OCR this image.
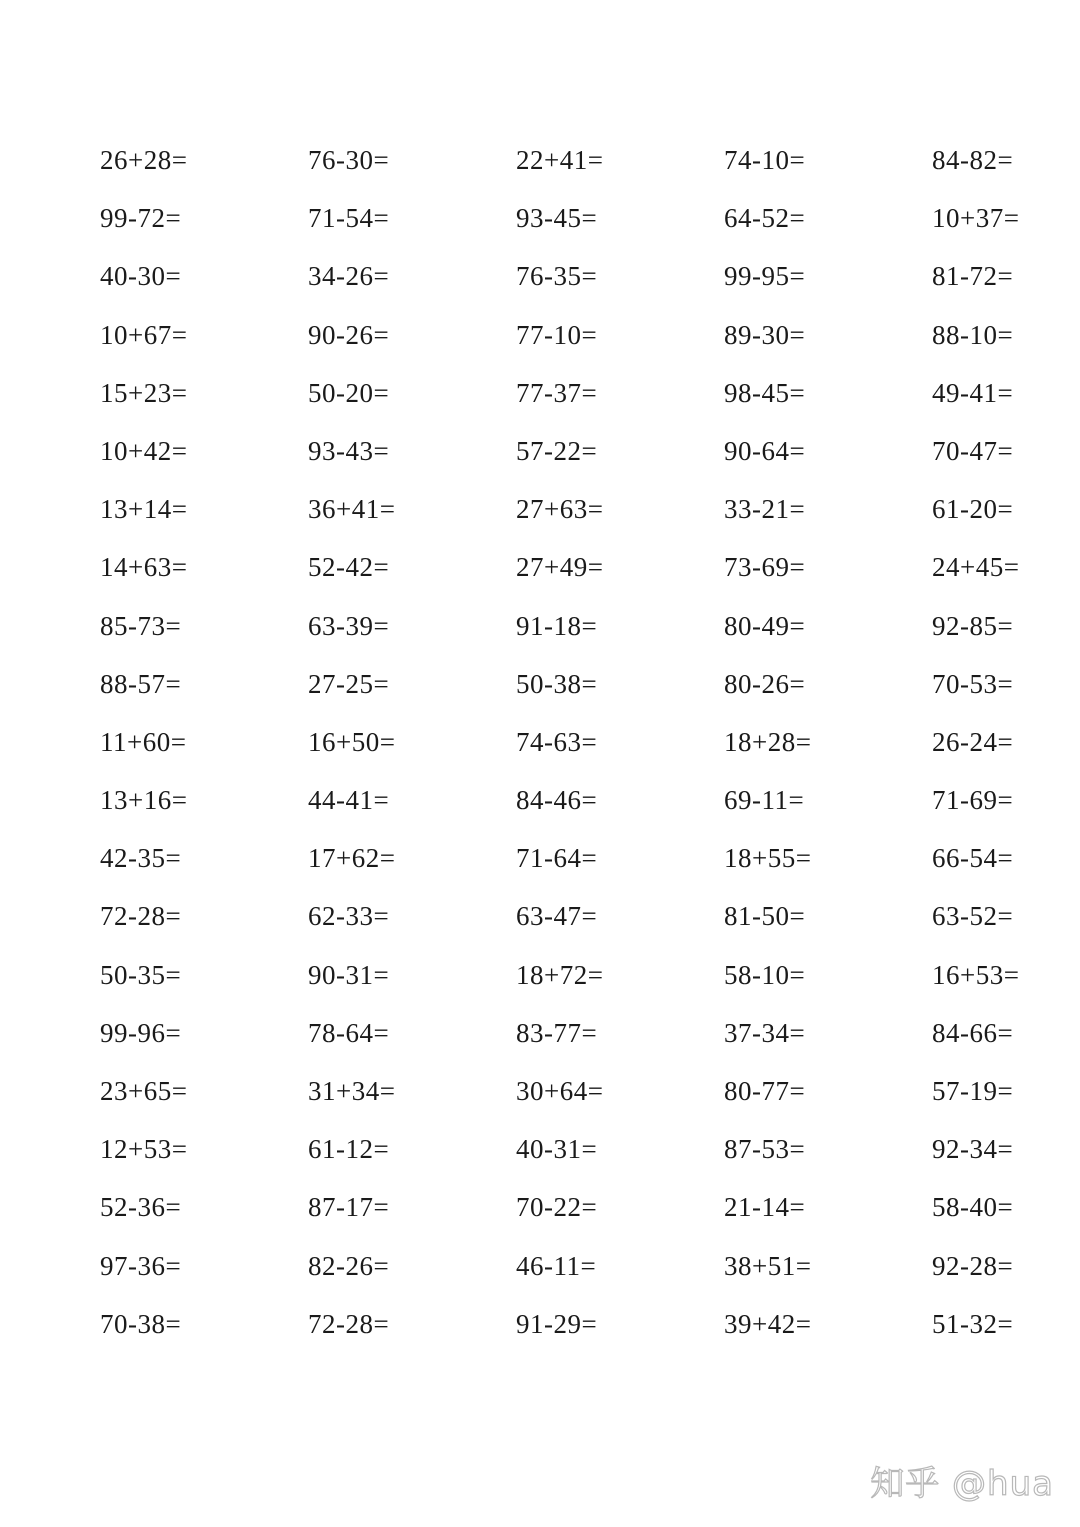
26+28=	76-30=	22+41=	74-10=	84-82=
99-72=	71-54=	93-45=	64-52=	10+37=
40-30=	34-26=	76-35=	99-95=	81-72=
10+67=	90-26=	77-10=	89-30=	88-10=
15+23=	50-20=	77-37=	98-45=	49-41=
10+42=	93-43=	57-22=	90-64=	70-47=
13+14=	36+41=	27+63=	33-21=	61-20=
14+63=	52-42=	27+49=	73-69=	24+45=
85-73=	63-39=	91-18=	80-49=	92-85=
88-57=	27-25=	50-38=	80-26=	70-53=
11+60=	16+50=	74-63=	18+28=	26-24=
13+16=	44-41=	84-46=	69-11=	71-69=
42-35=	17+62=	71-64=	18+55=	66-54=
72-28=	62-33=	63-47=	81-50=	63-52=
50-35=	90-31=	18+72=	58-10=	16+53=
99-96=	78-64=	83-77=	37-34=	84-66=
23+65=	31+34=	30+64=	80-77=	57-19=
12+53=	61-12=	40-31=	87-53=	92-34=
52-36=	87-17=	70-22=	21-14=	58-40=
97-36=	82-26=	46-11=	38+51=	92-28=
70-38=	72-28=	91-29=	39+42=	51-32=
知乎 @hua
